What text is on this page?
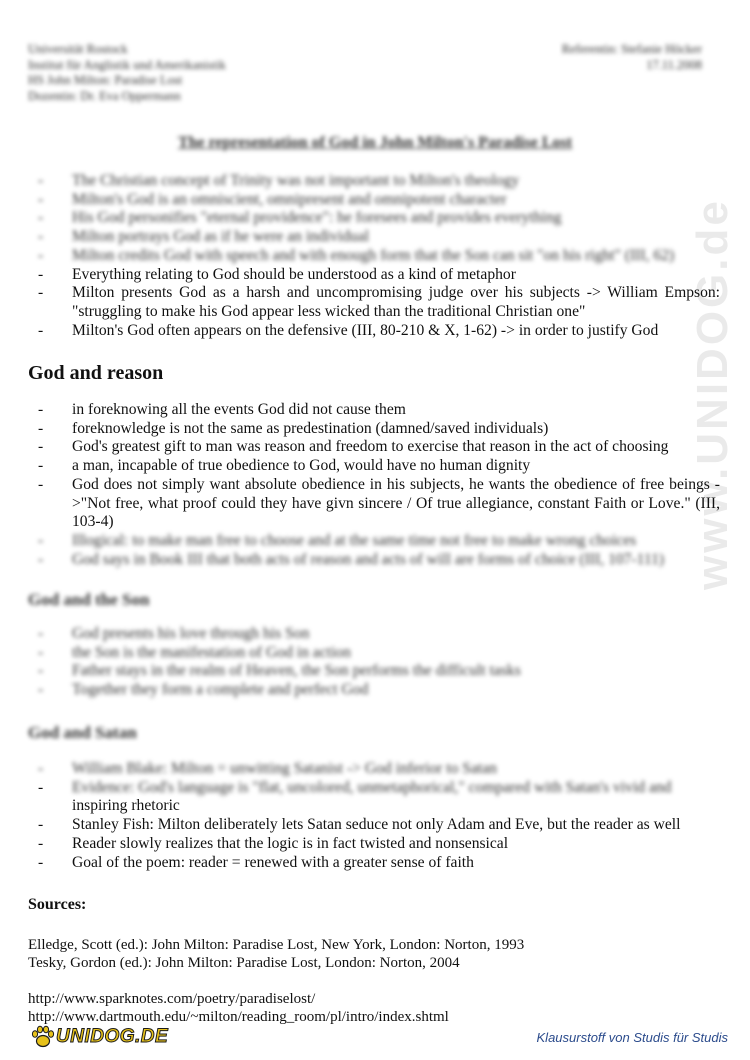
www.UNIDOG.de
Universität Rostock
Institut für Anglistik und Amerikanistik
HS John Milton: Paradise Lost
Dozentin: Dr. Eva Oppermann
Referentin: Stefanie Höcker
17.11.2008
The representation of God in John Milton's Paradise Lost
- The Christian concept of Trinity was not important to Milton's theology
- Milton's God is an omniscient, omnipresent and omnipotent character
- His God personifies "eternal providence": he foresees and provides everything
- Milton portrays God as if he were an individual
- Milton credits God with speech and with enough form that the Son can sit "on his right" (III, 62)
- Everything relating to God should be understood as a kind of metaphor
- Milton presents God as a harsh and uncompromising judge over his subjects -> William Empson: "struggling to make his God appear less wicked than the traditional Christian one"
- Milton's God often appears on the defensive (III, 80-210 & X, 1-62) -> in order to justify God
God and reason
- in foreknowing all the events God did not cause them
- foreknowledge is not the same as predestination (damned/saved individuals)
- God's greatest gift to man was reason and freedom to exercise that reason in the act of choosing
- a man, incapable of true obedience to God, would have no human dignity
- God does not simply want absolute obedience in his subjects, he wants the obedience of free beings ->"Not free, what proof could they have givn sincere / Of true allegiance, constant Faith or Love." (III, 103-4)
- Illogical: to make man free to choose and at the same time not free to make wrong choices
- God says in Book III that both acts of reason and acts of will are forms of choice (III, 107-111)
God and the Son
- God presents his love through his Son
- the Son is the manifestation of God in action
- Father stays in the realm of Heaven, the Son performs the difficult tasks
- Together they form a complete and perfect God
God and Satan
- William Blake: Milton = unwitting Satanist -> God inferior to Satan
- Evidence: God's language is "flat, uncolored, unmetaphorical," compared with Satan's vivid and
inspiring rhetoric
- Stanley Fish: Milton deliberately lets Satan seduce not only Adam and Eve, but the reader as well
- Reader slowly realizes that the logic is in fact twisted and nonsensical
- Goal of the poem: reader = renewed with a greater sense of faith
Sources:
Elledge, Scott (ed.): John Milton: Paradise Lost, New York, London: Norton, 1993
Tesky, Gordon (ed.): John Milton: Paradise Lost, London: Norton, 2004
http://www.sparknotes.com/poetry/paradiselost/
http://www.dartmouth.edu/~milton/reading_room/pl/intro/index.shtml
UNIDOG.DE	Klausurstoff von Studis für Studis
